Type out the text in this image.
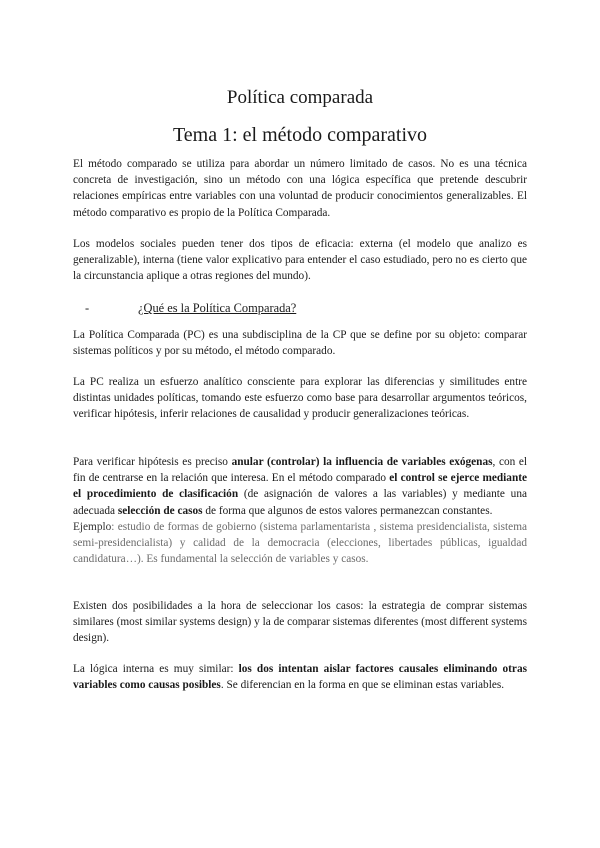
Política comparada
Tema 1: el método comparativo
El método comparado se utiliza para abordar un número limitado de casos. No es una técnica concreta de investigación, sino un método con una lógica específica que pretende descubrir relaciones empíricas entre variables con una voluntad de producir conocimientos generalizables. El método comparativo es propio de la Política Comparada.
Los modelos sociales pueden tener dos tipos de eficacia: externa (el modelo que analizo es generalizable), interna (tiene valor explicativo para entender el caso estudiado, pero no es cierto que la circunstancia aplique a otras regiones del mundo).
-	¿Qué es la Política Comparada?
La Política Comparada (PC) es una subdisciplina de la CP que se define por su objeto: comparar sistemas políticos y por su método, el método comparado.
La PC realiza un esfuerzo analítico consciente para explorar las diferencias y similitudes entre distintas unidades políticas, tomando este esfuerzo como base para desarrollar argumentos teóricos, verificar hipótesis, inferir relaciones de causalidad y producir generalizaciones teóricas.
Para verificar hipótesis es preciso anular (controlar) la influencia de variables exógenas, con el fin de centrarse en la relación que interesa. En el método comparado el control se ejerce mediante el procedimiento de clasificación (de asignación de valores a las variables) y mediante una adecuada selección de casos de forma que algunos de estos valores permanezcan constantes.
Ejemplo: estudio de formas de gobierno (sistema parlamentarista , sistema presidencialista, sistema semi-presidencialista) y calidad de la democracia (elecciones, libertades públicas, igualdad candidatura…). Es fundamental la selección de variables y casos.
Existen dos posibilidades a la hora de seleccionar los casos: la estrategia de comprar sistemas similares (most similar systems design) y la de comparar sistemas diferentes (most different systems design).
La lógica interna es muy similar: los dos intentan aislar factores causales eliminando otras variables como causas posibles. Se diferencian en la forma en que se eliminan estas variables.
